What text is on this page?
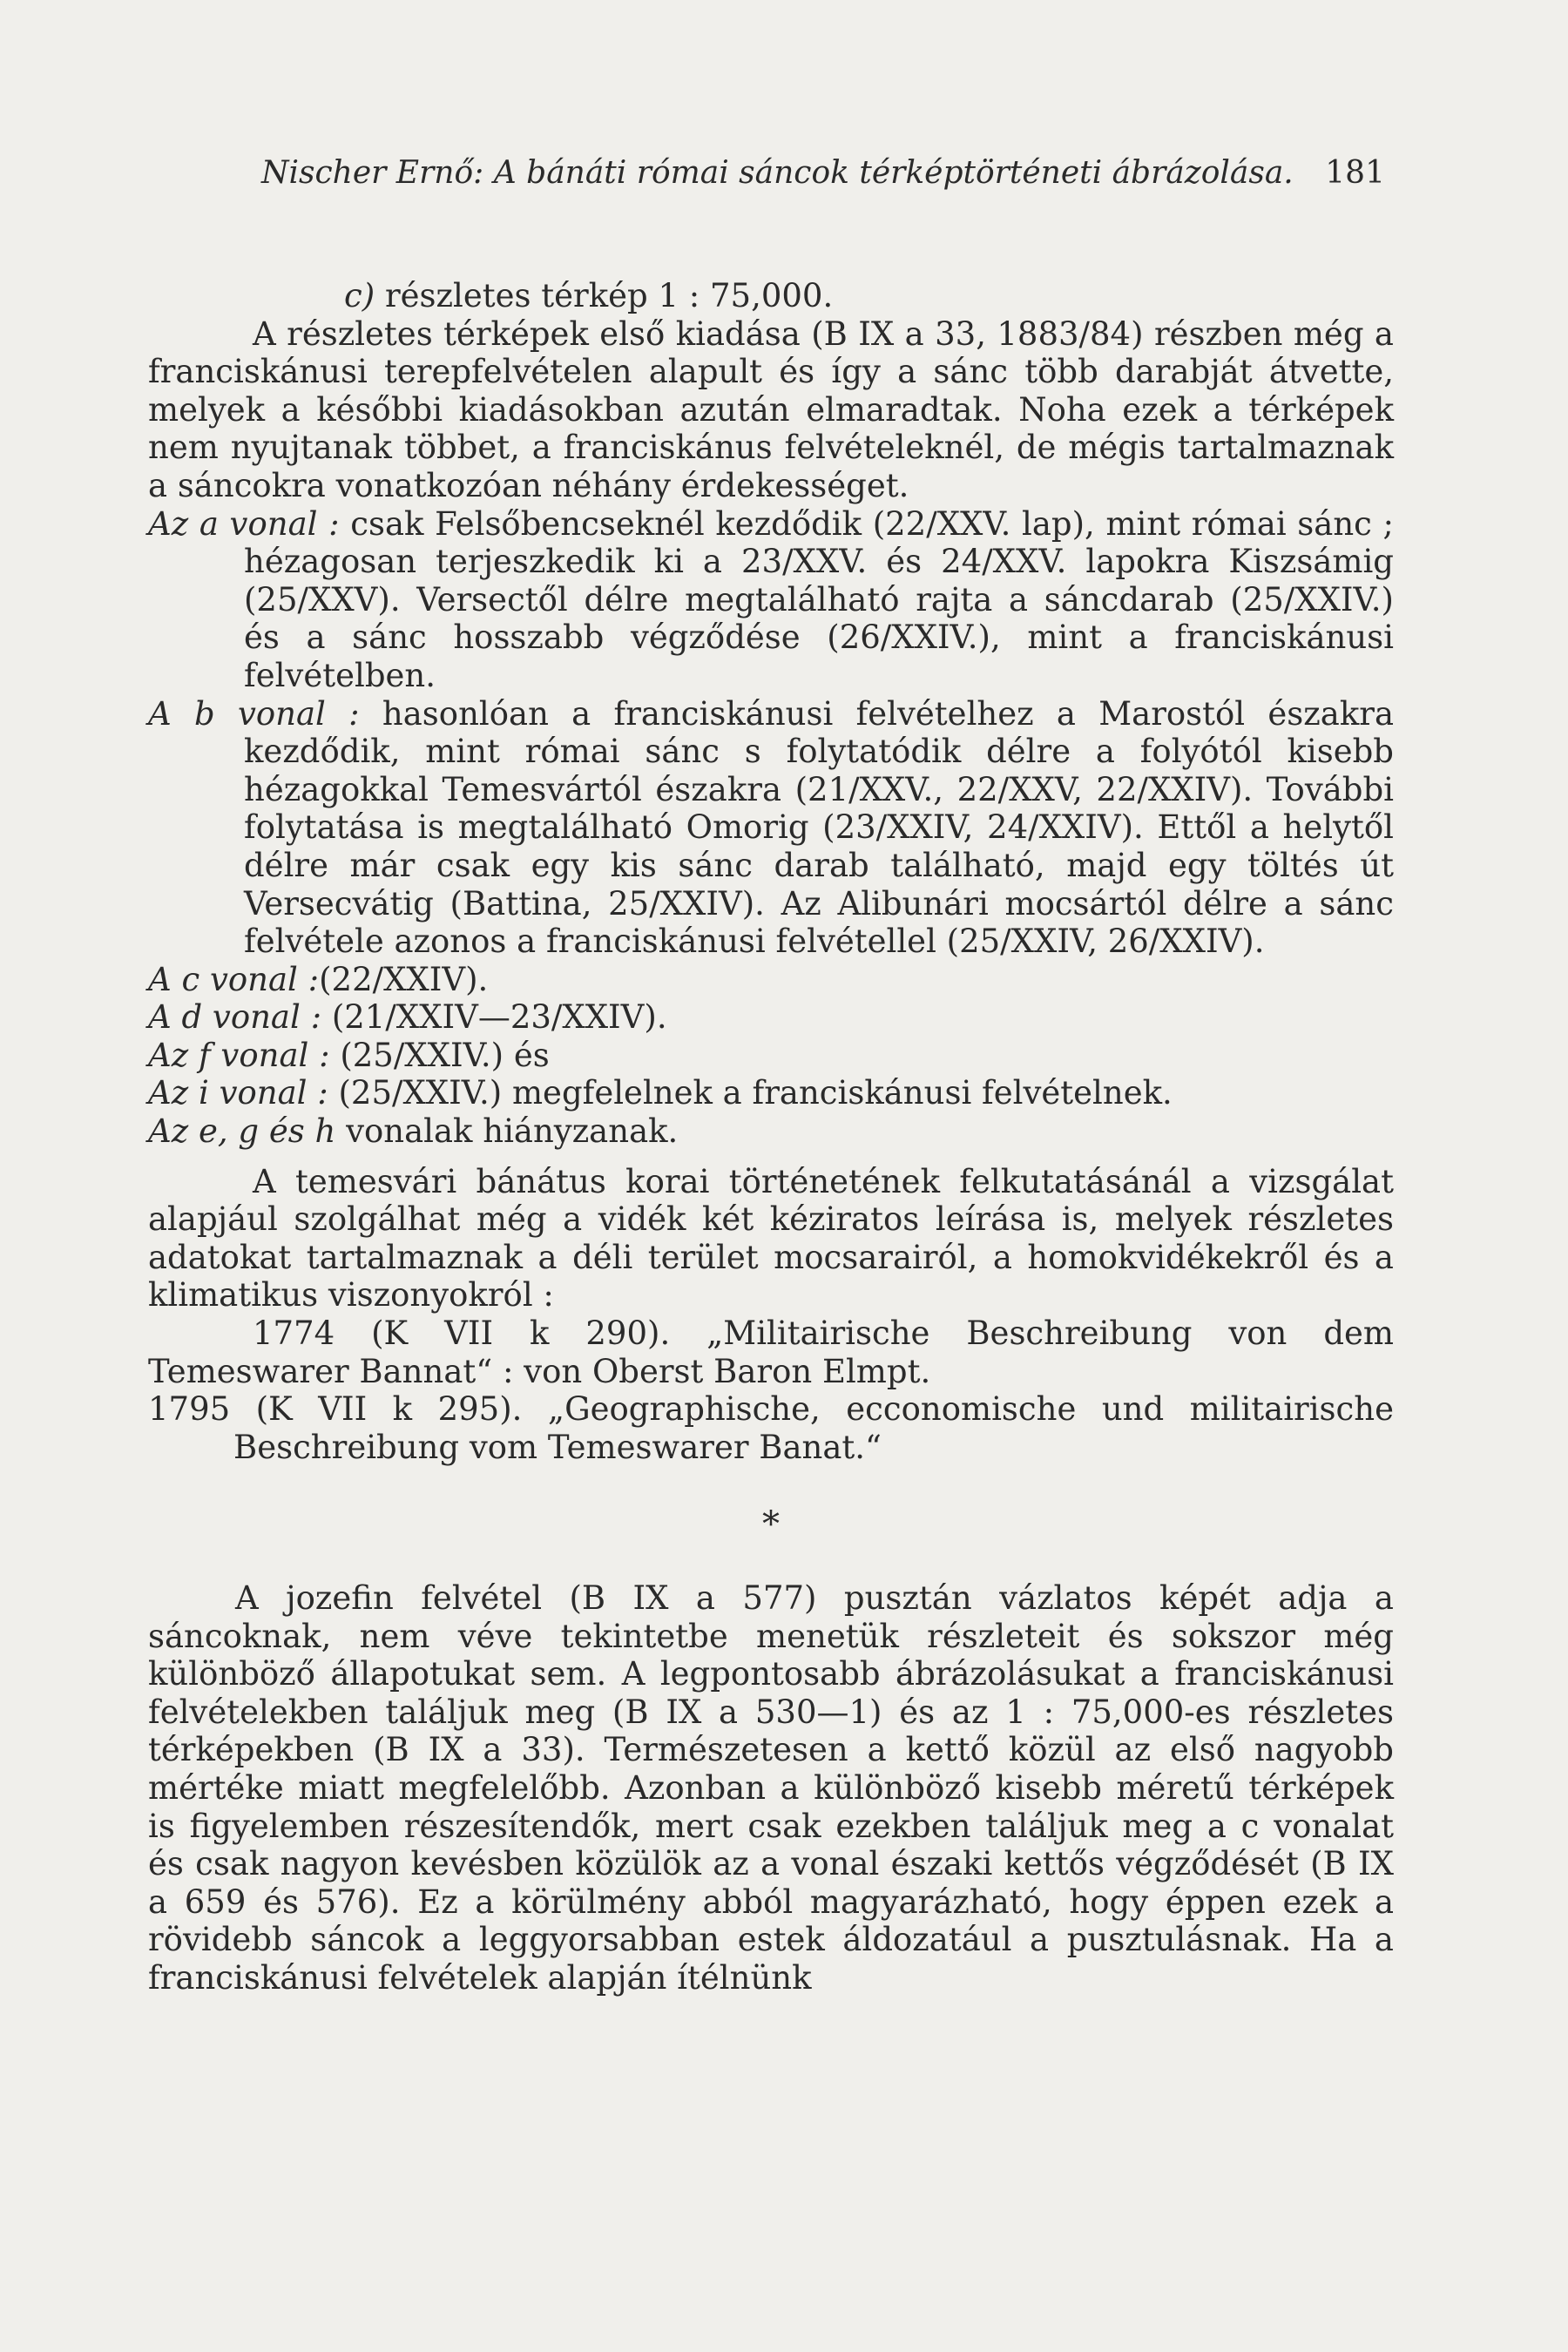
Nischer Ernő: A bánáti római sáncok térképtörténeti ábrázolása. 181

c) részletes térkép 1 : 75,000.

A részletes térképek első kiadása (B IX a 33, 1883/84) részben még a franciskánusi terepfelvételen alapult és így a sánc több darabját átvette, melyek a későbbi kiadásokban azután elmaradtak. Noha ezek a térképek nem nyujtanak többet, a franciskánus felvételeknél, de mégis tartalmaznak a sáncokra vonatkozóan néhány érdekességet.

Az a vonal : csak Felsőbencseknél kezdődik (22/XXV. lap), mint római sánc ; hézagosan terjeszkedik ki a 23/XXV. és 24/XXV. lapokra Kiszsámig (25/XXV). Versectől délre megtalálható rajta a sáncdarab (25/XXIV.) és a sánc hosszabb végződése (26/XXIV.), mint a franciskánusi felvételben.

A b vonal : hasonlóan a franciskánusi felvételhez a Marostól északra kezdődik, mint római sánc s folytatódik délre a folyótól kisebb hézagokkal Temesvártól északra (21/XXV., 22/XXV, 22/XXIV). További folytatása is megtalálható Omorig (23/XXIV, 24/XXIV). Ettől a helytől délre már csak egy kis sánc darab található, majd egy töltés út Versecvátig (Battina, 25/XXIV). Az Alibunári mocsártól délre a sánc felvétele azonos a franciskánusi felvétellel (25/XXIV, 26/XXIV).

A c vonal :(22/XXIV).

A d vonal : (21/XXIV—23/XXIV).

Az f vonal : (25/XXIV.) és

Az i vonal : (25/XXIV.) megfelelnek a franciskánusi felvételnek.

Az e, g és h vonalak hiányzanak.

A temesvári bánátus korai történetének felkutatásánál a vizsgálat alapjául szolgálhat még a vidék két kéziratos leírása is, melyek részletes adatokat tartalmaznak a déli terület mocsarairól, a homokvidékekről és a klimatikus viszonyokról :

1774 (K VII k 290). „Militairische Beschreibung von dem Temeswarer Bannat“ : von Oberst Baron Elmpt.

1795 (K VII k 295). „Geographische, ecconomische und militairische Beschreibung vom Temeswarer Banat.“

*

A jozefin felvétel (B IX a 577) pusztán vázlatos képét adja a sáncoknak, nem véve tekintetbe menetük részleteit és sokszor még különböző állapotukat sem. A legpontosabb ábrázolásukat a franciskánusi felvételekben találjuk meg (B IX a 530—1) és az 1 : 75,000-es részletes térképekben (B IX a 33). Természetesen a kettő közül az első nagyobb mértéke miatt megfelelőbb. Azonban a különböző kisebb méretű térképek is figyelemben részesítendők, mert csak ezekben találjuk meg a c vonalat és csak nagyon kevésben közülök az a vonal északi kettős végződését (B IX a 659 és 576). Ez a körülmény abból magyarázható, hogy éppen ezek a rövidebb sáncok a leggyorsabban estek áldozatául a pusztulásnak. Ha a franciskánusi felvételek alapján ítélnünk
